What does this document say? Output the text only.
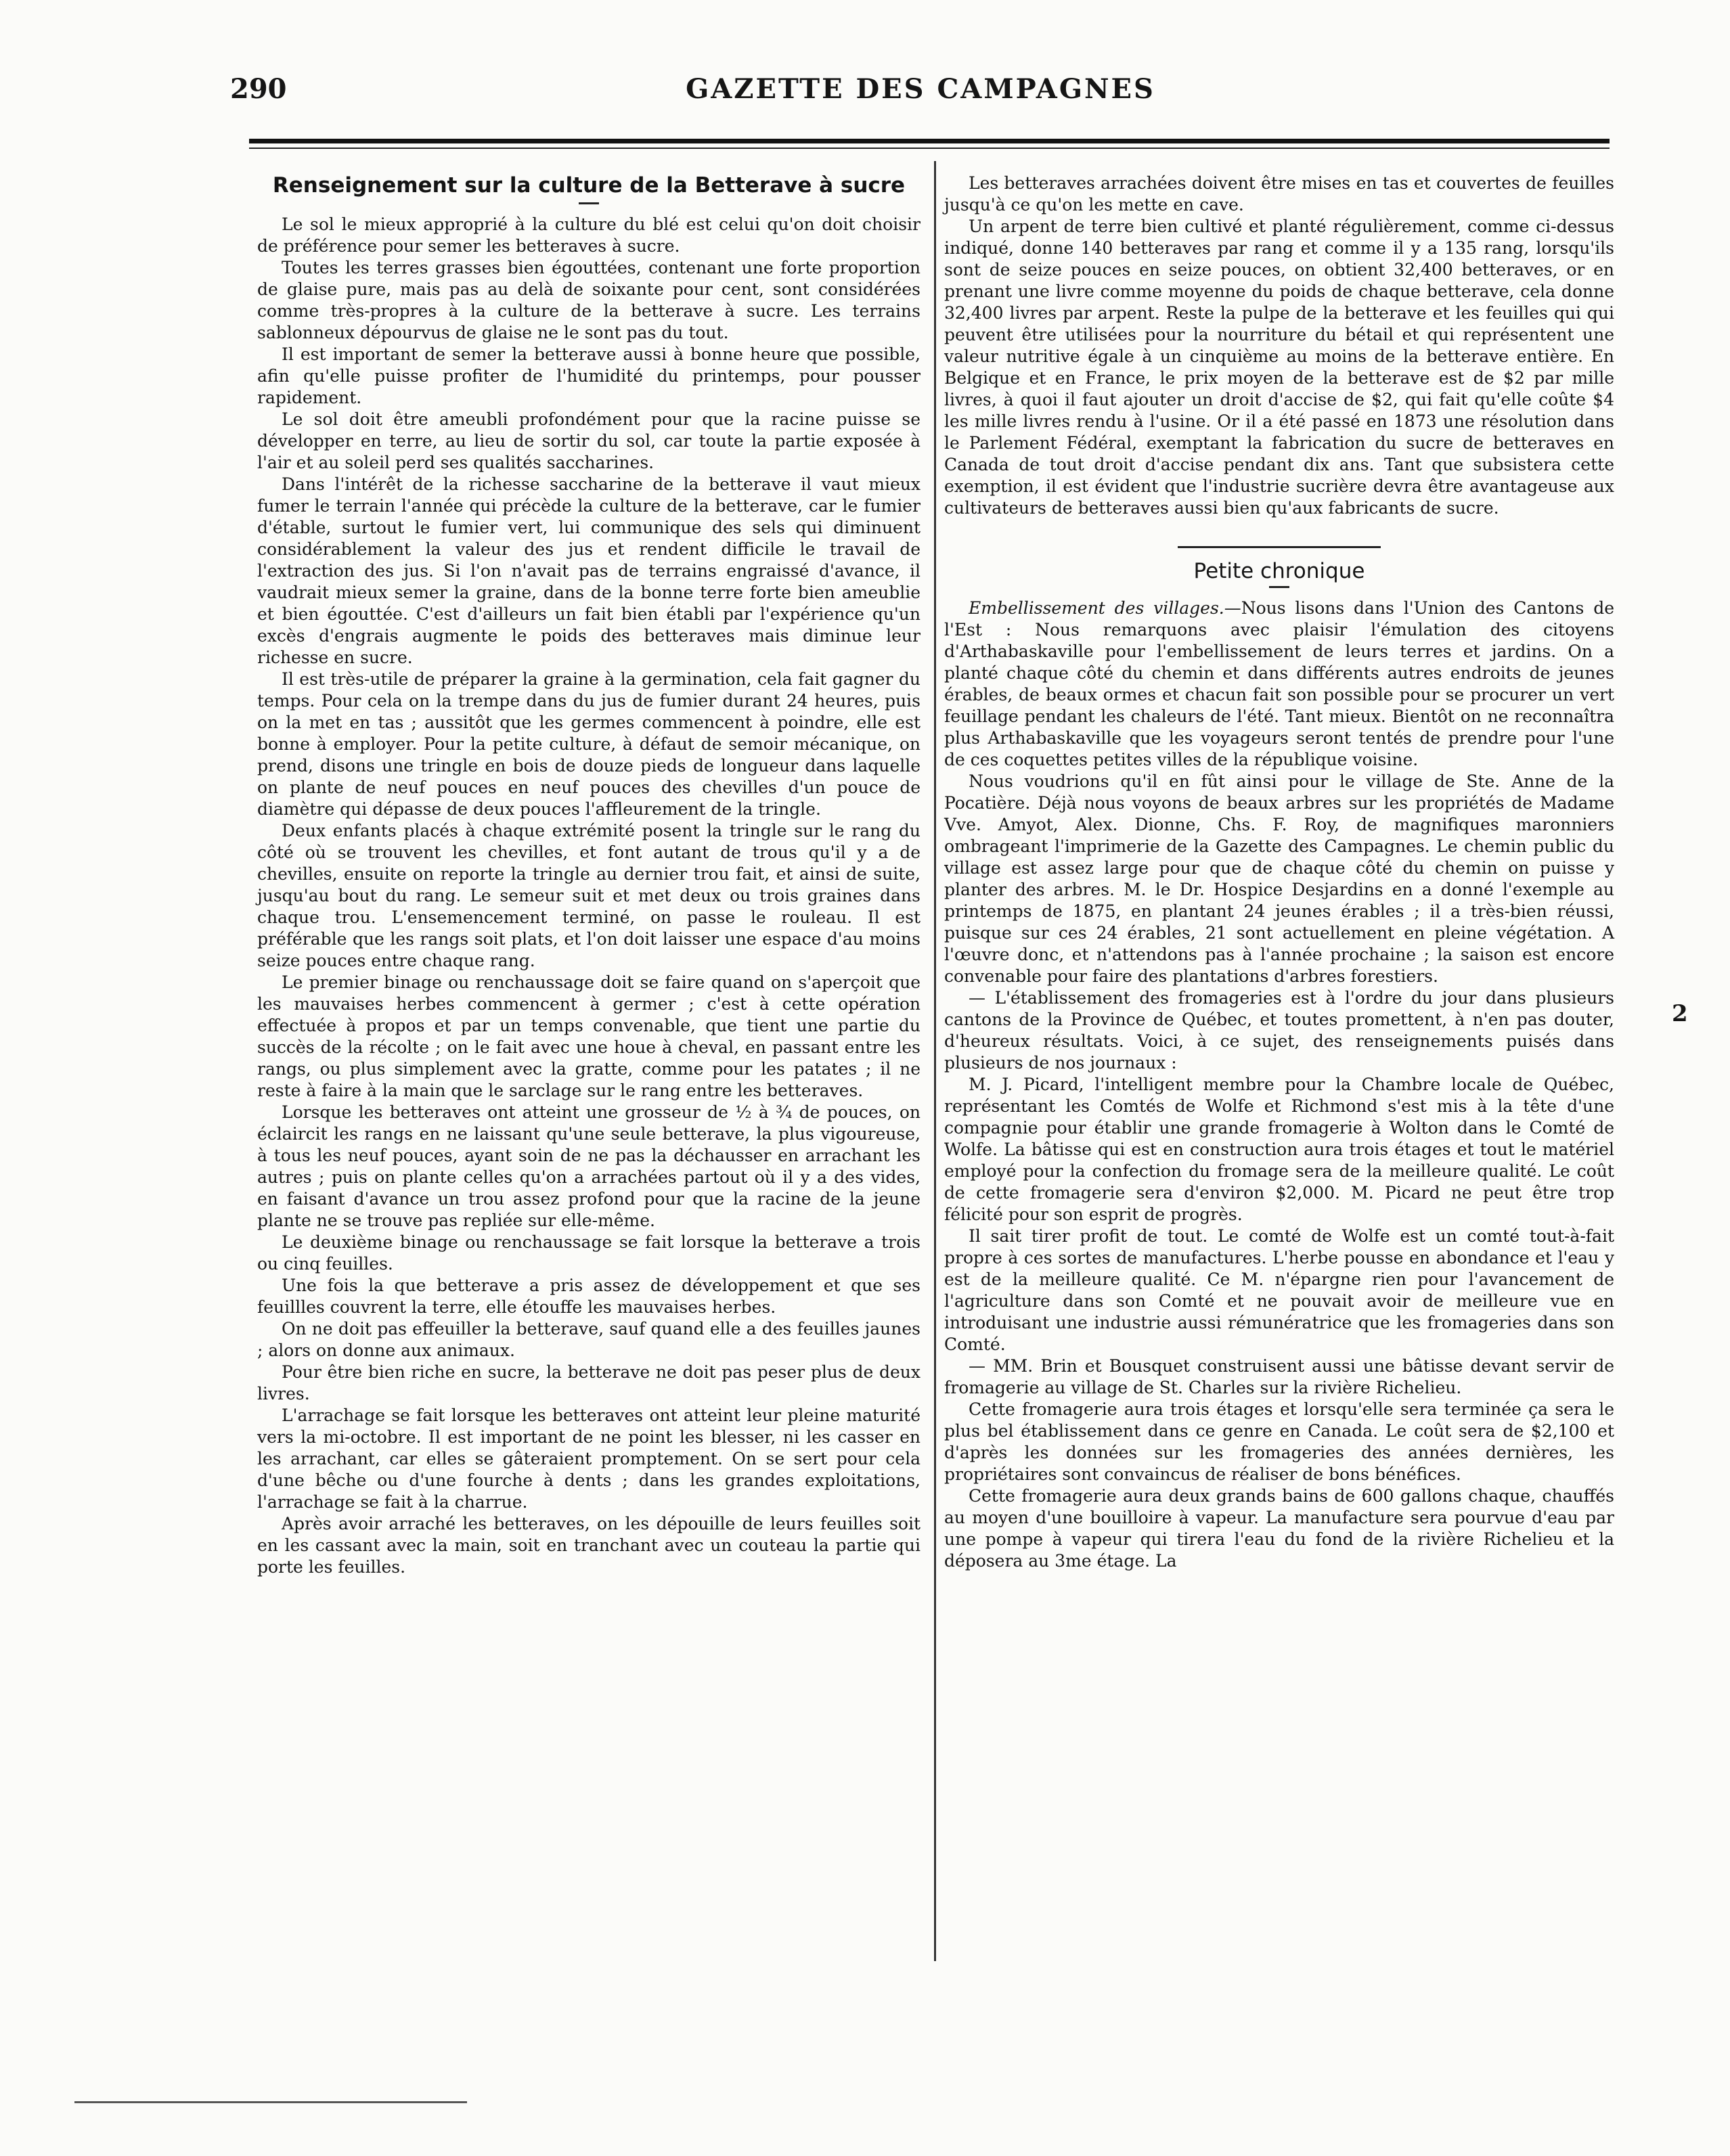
290	GAZETTE DES CAMPAGNES
Renseignement sur la culture de la Betterave à sucre

Le sol le mieux approprié à la culture du blé est celui qu'on doit choisir de préférence pour semer les betteraves à sucre.

Toutes les terres grasses bien égouttées, contenant une forte proportion de glaise pure, mais pas au delà de soixante pour cent, sont considérées comme très-propres à la culture de la betterave à sucre. Les terrains sablonneux dépourvus de glaise ne le sont pas du tout.

Il est important de semer la betterave aussi à bonne heure que possible, afin qu'elle puisse profiter de l'humidité du printemps, pour pousser rapidement.

Le sol doit être ameubli profondément pour que la racine puisse se développer en terre, au lieu de sortir du sol, car toute la partie exposée à l'air et au soleil perd ses qualités saccharines.

Dans l'intérêt de la richesse saccharine de la betterave il vaut mieux fumer le terrain l'année qui précède la culture de la betterave, car le fumier d'étable, surtout le fumier vert, lui communique des sels qui diminuent considérablement la valeur des jus et rendent difficile le travail de l'extraction des jus. Si l'on n'avait pas de terrains engraissé d'avance, il vaudrait mieux semer la graine, dans de la bonne terre forte bien ameublie et bien égouttée. C'est d'ailleurs un fait bien établi par l'expérience qu'un excès d'engrais augmente le poids des betteraves mais diminue leur richesse en sucre.

Il est très-utile de préparer la graine à la germination, cela fait gagner du temps. Pour cela on la trempe dans du jus de fumier durant 24 heures, puis on la met en tas ; aussitôt que les germes commencent à poindre, elle est bonne à employer. Pour la petite culture, à défaut de semoir mécanique, on prend, disons une tringle en bois de douze pieds de longueur dans laquelle on plante de neuf pouces en neuf pouces des chevilles d'un pouce de diamètre qui dépasse de deux pouces l'affleurement de la tringle.

Deux enfants placés à chaque extrémité posent la tringle sur le rang du côté où se trouvent les chevilles, et font autant de trous qu'il y a de chevilles, ensuite on reporte la tringle au dernier trou fait, et ainsi de suite, jusqu'au bout du rang. Le semeur suit et met deux ou trois graines dans chaque trou. L'ensemencement terminé, on passe le rouleau. Il est préférable que les rangs soit plats, et l'on doit laisser une espace d'au moins seize pouces entre chaque rang.

Le premier binage ou renchaussage doit se faire quand on s'aperçoit que les mauvaises herbes commencent à germer ; c'est à cette opération effectuée à propos et par un temps convenable, que tient une partie du succès de la récolte ; on le fait avec une houe à cheval, en passant entre les rangs, ou plus simplement avec la gratte, comme pour les patates ; il ne reste à faire à la main que le sarclage sur le rang entre les betteraves.

Lorsque les betteraves ont atteint une grosseur de ½ à ¾ de pouces, on éclaircit les rangs en ne laissant qu'une seule betterave, la plus vigoureuse, à tous les neuf pouces, ayant soin de ne pas la déchausser en arrachant les autres ; puis on plante celles qu'on a arrachées partout où il y a des vides, en faisant d'avance un trou assez profond pour que la racine de la jeune plante ne se trouve pas repliée sur elle-même.

Le deuxième binage ou renchaussage se fait lorsque la betterave a trois ou cinq feuilles.

Une fois la que betterave a pris assez de développement et que ses feuillles couvrent la terre, elle étouffe les mauvaises herbes.

On ne doit pas effeuiller la betterave, sauf quand elle a des feuilles jaunes ; alors on donne aux animaux.

Pour être bien riche en sucre, la betterave ne doit pas peser plus de deux livres.

L'arrachage se fait lorsque les betteraves ont atteint leur pleine maturité vers la mi-octobre. Il est important de ne point les blesser, ni les casser en les arrachant, car elles se gâteraient promptement. On se sert pour cela d'une bêche ou d'une fourche à dents ; dans les grandes exploitations, l'arrachage se fait à la charrue.

Après avoir arraché les betteraves, on les dépouille de leurs feuilles soit en les cassant avec la main, soit en tranchant avec un couteau la partie qui porte les feuilles.

Les betteraves arrachées doivent être mises en tas et couvertes de feuilles jusqu'à ce qu'on les mette en cave.

Un arpent de terre bien cultivé et planté régulièrement, comme ci-dessus indiqué, donne 140 betteraves par rang et comme il y a 135 rang, lorsqu'ils sont de seize pouces en seize pouces, on obtient 32,400 betteraves, or en prenant une livre comme moyenne du poids de chaque betterave, cela donne 32,400 livres par arpent. Reste la pulpe de la betterave et les feuilles qui qui peuvent être utilisées pour la nourriture du bétail et qui représentent une valeur nutritive égale à un cinquième au moins de la betterave entière. En Belgique et en France, le prix moyen de la betterave est de $2 par mille livres, à quoi il faut ajouter un droit d'accise de $2, qui fait qu'elle coûte $4 les mille livres rendu à l'usine. Or il a été passé en 1873 une résolution dans le Parlement Fédéral, exemptant la fabrication du sucre de betteraves en Canada de tout droit d'accise pendant dix ans. Tant que subsistera cette exemption, il est évident que l'industrie sucrière devra être avantageuse aux cultivateurs de betteraves aussi bien qu'aux fabricants de sucre.

Petite chronique

Embellissement des villages.—Nous lisons dans l'Union des Cantons de l'Est : Nous remarquons avec plaisir l'émulation des citoyens d'Arthabaskaville pour l'embellissement de leurs terres et jardins. On a planté chaque côté du chemin et dans différents autres endroits de jeunes érables, de beaux ormes et chacun fait son possible pour se procurer un vert feuillage pendant les chaleurs de l'été. Tant mieux. Bientôt on ne reconnaîtra plus Arthabaskaville que les voyageurs seront tentés de prendre pour l'une de ces coquettes petites villes de la république voisine.

Nous voudrions qu'il en fût ainsi pour le village de Ste. Anne de la Pocatière. Déjà nous voyons de beaux arbres sur les propriétés de Madame Vve. Amyot, Alex. Dionne, Chs. F. Roy, de magnifiques maronniers ombrageant l'imprimerie de la Gazette des Campagnes. Le chemin public du village est assez large pour que de chaque côté du chemin on puisse y planter des arbres. M. le Dr. Hospice Desjardins en a donné l'exemple au printemps de 1875, en plantant 24 jeunes érables ; il a très-bien réussi, puisque sur ces 24 érables, 21 sont actuellement en pleine végétation. A l'œuvre donc, et n'attendons pas à l'année prochaine ; la saison est encore convenable pour faire des plantations d'arbres forestiers.

— L'établissement des fromageries est à l'ordre du jour dans plusieurs cantons de la Province de Québec, et toutes promettent, à n'en pas douter, d'heureux résultats. Voici, à ce sujet, des renseignements puisés dans plusieurs de nos journaux :

M. J. Picard, l'intelligent membre pour la Chambre locale de Québec, représentant les Comtés de Wolfe et Richmond s'est mis à la tête d'une compagnie pour établir une grande fromagerie à Wolton dans le Comté de Wolfe. La bâtisse qui est en construction aura trois étages et tout le matériel employé pour la confection du fromage sera de la meilleure qualité. Le coût de cette fromagerie sera d'environ $2,000. M. Picard ne peut être trop félicité pour son esprit de progrès.

Il sait tirer profit de tout. Le comté de Wolfe est un comté tout-à-fait propre à ces sortes de manufactures. L'herbe pousse en abondance et l'eau y est de la meilleure qualité. Ce M. n'épargne rien pour l'avancement de l'agriculture dans son Comté et ne pouvait avoir de meilleure vue en introduisant une industrie aussi rémunératrice que les fromageries dans son Comté.

— MM. Brin et Bousquet construisent aussi une bâtisse devant servir de fromagerie au village de St. Charles sur la rivière Richelieu.

Cette fromagerie aura trois étages et lorsqu'elle sera terminée ça sera le plus bel établissement dans ce genre en Canada. Le coût sera de $2,100 et d'après les données sur les fromageries des années dernières, les propriétaires sont convaincus de réaliser de bons bénéfices.

Cette fromagerie aura deux grands bains de 600 gallons chaque, chauffés au moyen d'une bouilloire à vapeur. La manufacture sera pourvue d'eau par une pompe à vapeur qui tirera l'eau du fond de la rivière Richelieu et la déposera au 3me étage. La

2
